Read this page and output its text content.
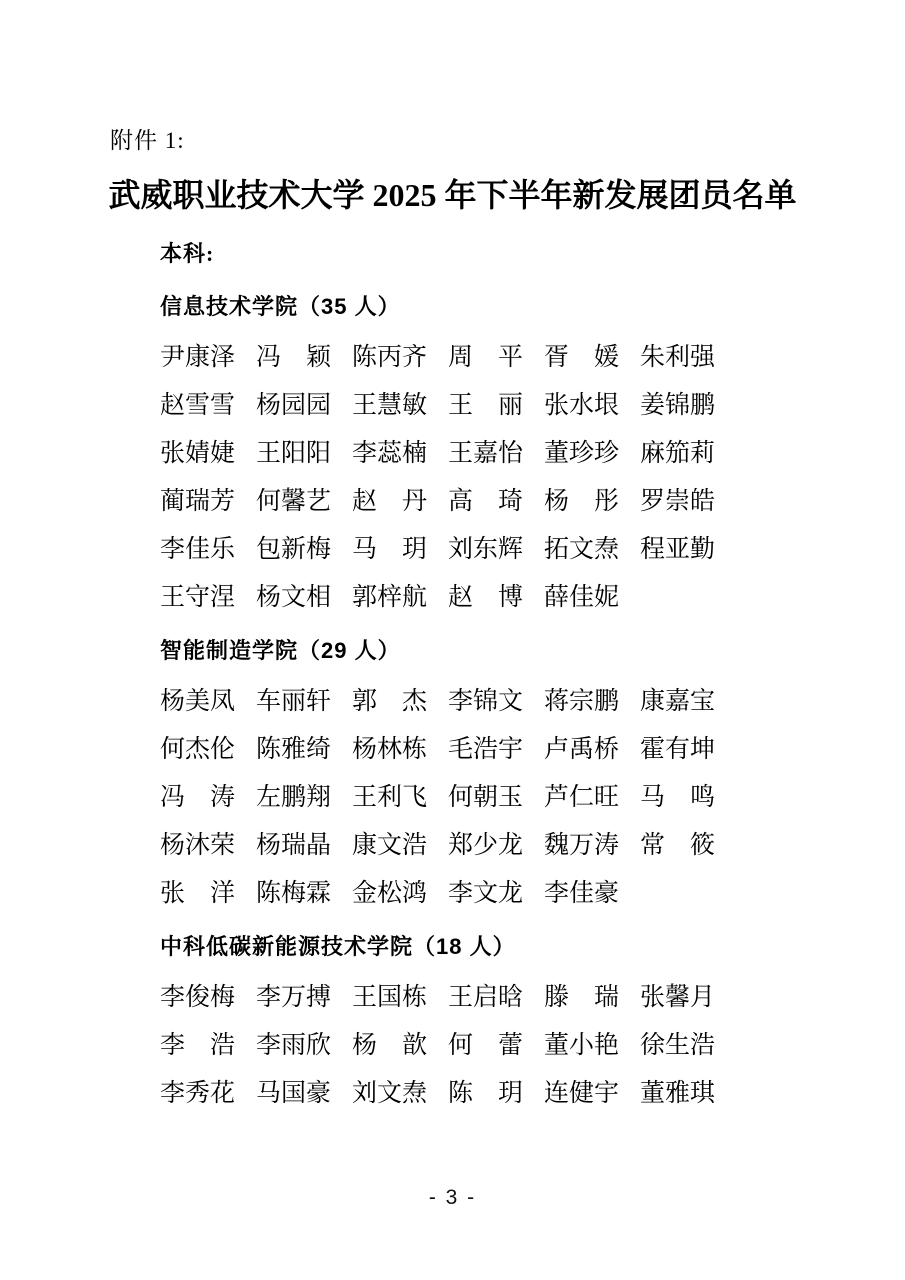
附件 1:
武威职业技术大学 2025 年下半年新发展团员名单
本科:
信息技术学院（35 人）
尹康泽 冯　颖 陈丙齐 周　平 胥　媛 朱利强
赵雪雪 杨园园 王慧敏 王　丽 张水垠 姜锦鹏
张婧婕 王阳阳 李蕊楠 王嘉怡 董珍珍 麻笳莉
蔺瑞芳 何馨艺 赵　丹 高　琦 杨　彤 罗崇皓
李佳乐 包新梅 马　玥 刘东辉 拓文焘 程亚勤
王守涅 杨文相 郭梓航 赵　博 薛佳妮
智能制造学院（29 人）
杨美凤 车丽轩 郭　杰 李锦文 蒋宗鹏 康嘉宝
何杰伦 陈雅绮 杨林栋 毛浩宇 卢禹桥 霍有坤
冯　涛 左鹏翔 王利飞 何朝玉 芦仁旺 马　鸣
杨沐荣 杨瑞晶 康文浩 郑少龙 魏万涛 常　筱
张　洋 陈梅霖 金松鸿 李文龙 李佳豪
中科低碳新能源技术学院（18 人）
李俊梅 李万搏 王国栋 王启晗 滕　瑞 张馨月
李　浩 李雨欣 杨　歆 何　蕾 董小艳 徐生浩
李秀花 马国豪 刘文焘 陈　玥 连健宇 董雅琪
- 3 -
